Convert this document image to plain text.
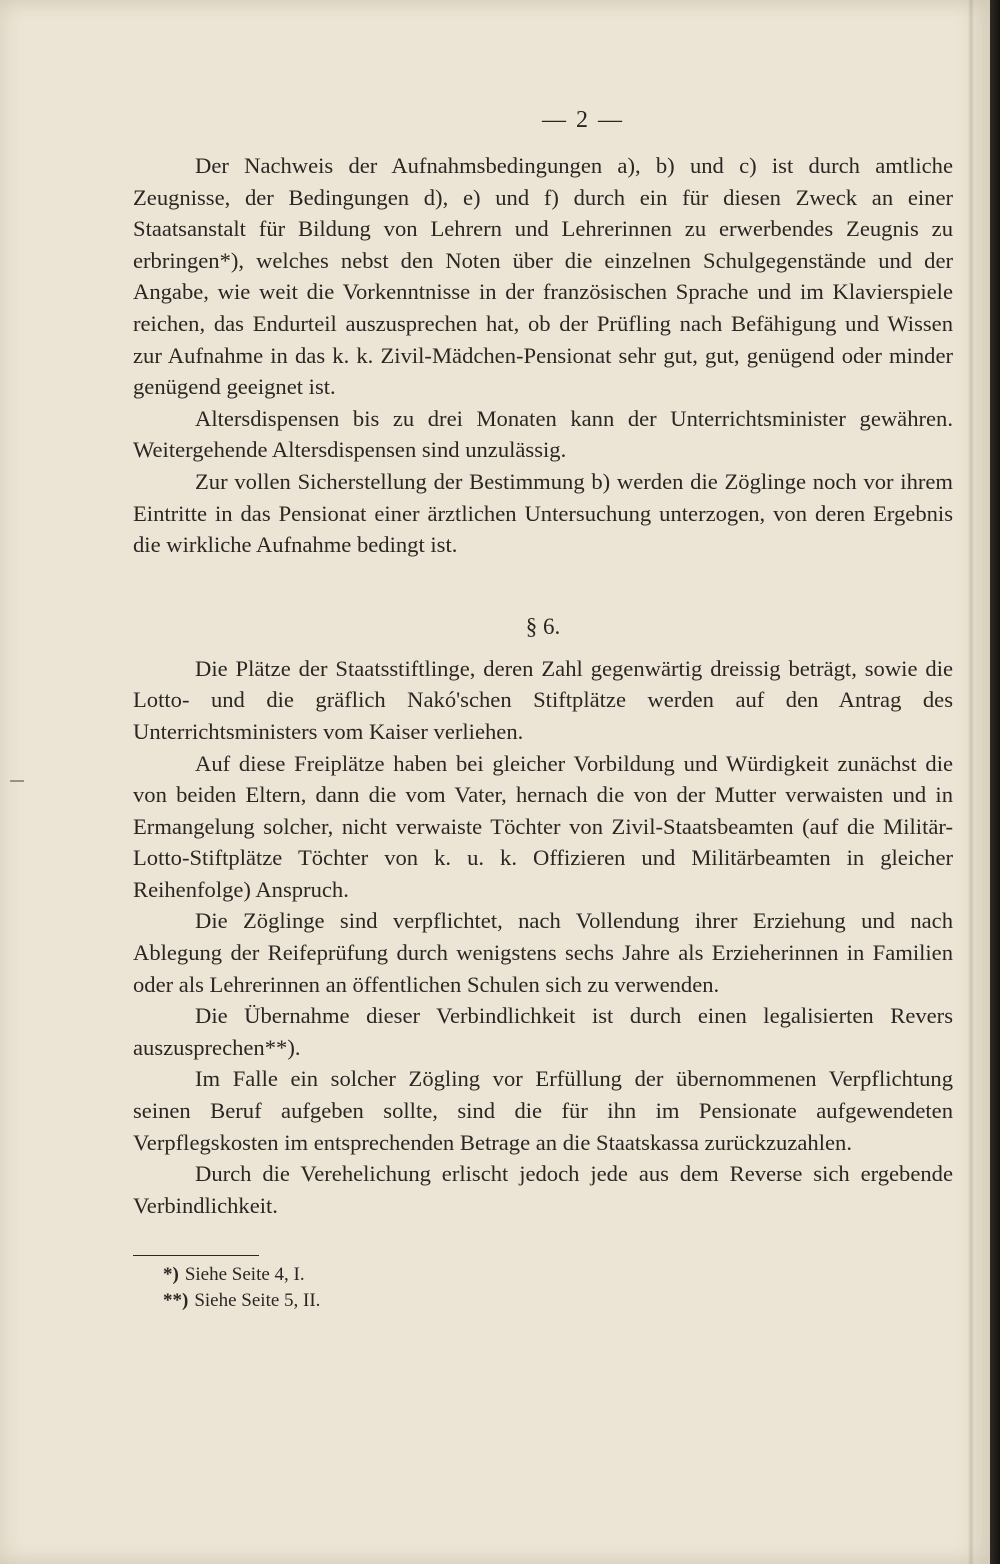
— 2 —

Der Nachweis der Aufnahmsbedingungen a), b) und c) ist durch amtliche Zeugnisse, der Bedingungen d), e) und f) durch ein für diesen Zweck an einer Staatsanstalt für Bildung von Lehrern und Lehrerinnen zu erwerbendes Zeugnis zu erbringen*), welches nebst den Noten über die einzelnen Schulgegenstände und der Angabe, wie weit die Vorkenntnisse in der französischen Sprache und im Klavierspiele reichen, das Endurteil auszusprechen hat, ob der Prüfling nach Befähigung und Wissen zur Aufnahme in das k. k. Zivil-Mädchen-Pensionat sehr gut, gut, genügend oder minder genügend geeignet ist.

Altersdispensen bis zu drei Monaten kann der Unterrichtsminister gewähren. Weitergehende Altersdispensen sind unzulässig.

Zur vollen Sicherstellung der Bestimmung b) werden die Zöglinge noch vor ihrem Eintritte in das Pensionat einer ärztlichen Untersuchung unterzogen, von deren Ergebnis die wirkliche Aufnahme bedingt ist.

§ 6.

Die Plätze der Staatsstiftlinge, deren Zahl gegenwärtig dreissig beträgt, sowie die Lotto- und die gräflich Nakó'schen Stiftplätze werden auf den Antrag des Unterrichtsministers vom Kaiser verliehen.

Auf diese Freiplätze haben bei gleicher Vorbildung und Würdigkeit zunächst die von beiden Eltern, dann die vom Vater, hernach die von der Mutter verwaisten und in Ermangelung solcher, nicht verwaiste Töchter von Zivil-Staatsbeamten (auf die Militär-Lotto-Stiftplätze Töchter von k. u. k. Offizieren und Militärbeamten in gleicher Reihenfolge) Anspruch.

Die Zöglinge sind verpflichtet, nach Vollendung ihrer Erziehung und nach Ablegung der Reifeprüfung durch wenigstens sechs Jahre als Erzieherinnen in Familien oder als Lehrerinnen an öffentlichen Schulen sich zu verwenden.

Die Übernahme dieser Verbindlichkeit ist durch einen legalisierten Revers auszusprechen**).

Im Falle ein solcher Zögling vor Erfüllung der übernommenen Verpflichtung seinen Beruf aufgeben sollte, sind die für ihn im Pensionate aufgewendeten Verpflegskosten im entsprechenden Betrage an die Staatskassa zurückzuzahlen.

Durch die Verehelichung erlischt jedoch jede aus dem Reverse sich ergebende Verbindlichkeit.

*) Siehe Seite 4, I.

**) Siehe Seite 5, II.
